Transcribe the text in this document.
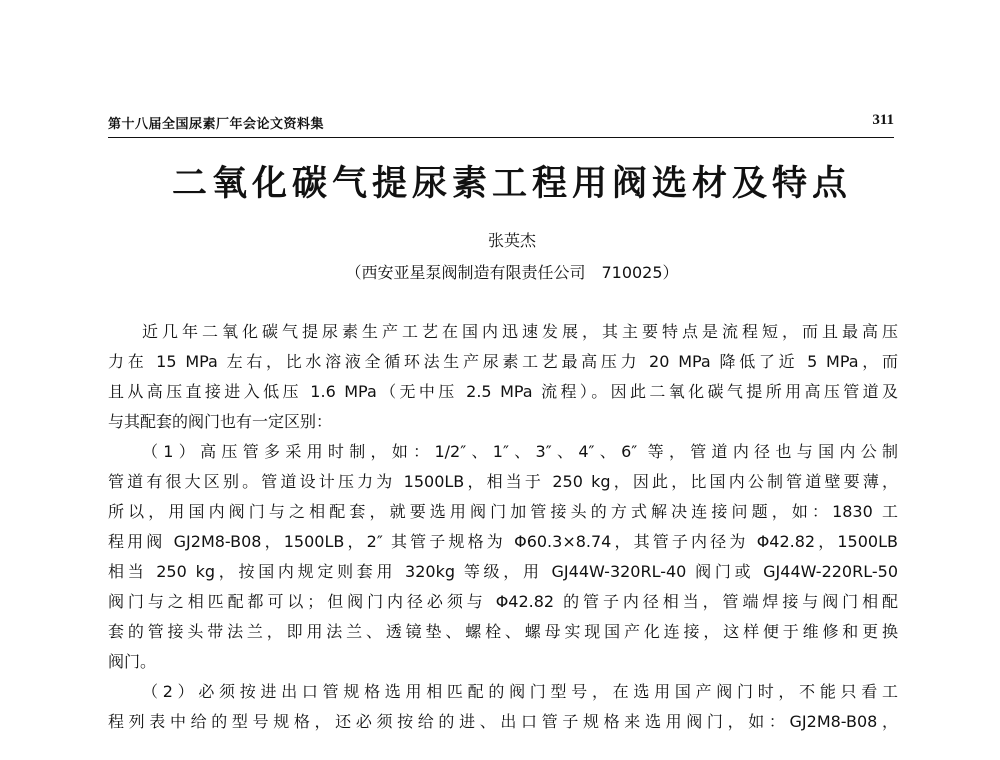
第十八届全国尿素厂年会论文资料集	311
二氧化碳气提尿素工程用阀选材及特点
张英杰
（西安亚星泵阀制造有限责任公司　710025）
近几年二氧化碳气提尿素生产工艺在国内迅速发展，其主要特点是流程短，而且最高压
力在 15 MPa 左右，比水溶液全循环法生产尿素工艺最高压力 20 MPa 降低了近 5 MPa，而
且从高压直接进入低压 1.6 MPa（无中压 2.5 MPa 流程）。因此二氧化碳气提所用高压管道及
与其配套的阀门也有一定区别：
（1）高压管多采用时制，如：1/2″、1″、3″、4″、6″ 等，管道内径也与国内公制
管道有很大区别。管道设计压力为 1500LB，相当于 250 kg，因此，比国内公制管道壁要薄，
所以，用国内阀门与之相配套，就要选用阀门加管接头的方式解决连接问题，如：1830 工
程用阀 GJ2M8-B08，1500LB，2″ 其管子规格为 Φ60.3×8.74，其管子内径为 Φ42.82，1500LB
相当 250 kg，按国内规定则套用 320kg 等级，用 GJ44W-320RL-40 阀门或 GJ44W-220RL-50
阀门与之相匹配都可以；但阀门内径必须与 Φ42.82 的管子内径相当，管端焊接与阀门相配
套的管接头带法兰，即用法兰、透镜垫、螺栓、螺母实现国产化连接，这样便于维修和更换
阀门。
（2）必须按进出口管规格选用相匹配的阀门型号，在选用国产阀门时，不能只看工
程列表中给的型号规格，还必须按给的进、出口管子规格来选用阀门，如：GJ2M8-B08，
